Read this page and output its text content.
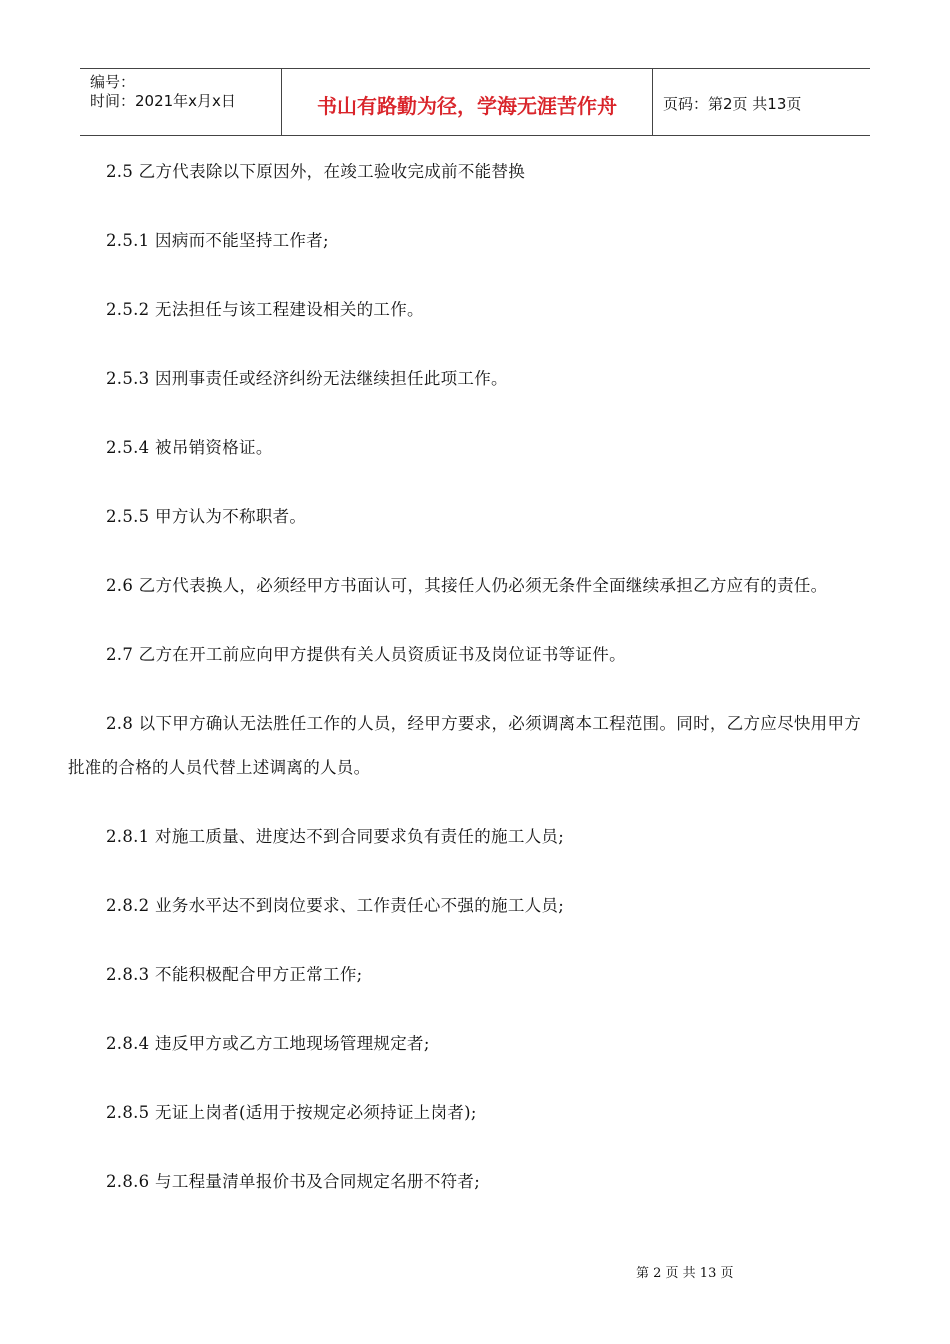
编号：
时间：2021年x月x日	书山有路勤为径，学海无涯苦作舟	页码：第2页 共13页

2.5 乙方代表除以下原因外，在竣工验收完成前不能替换

2.5.1 因病而不能坚持工作者;

2.5.2 无法担任与该工程建设相关的工作。

2.5.3 因刑事责任或经济纠纷无法继续担任此项工作。

2.5.4 被吊销资格证。

2.5.5 甲方认为不称职者。

2.6 乙方代表换人，必须经甲方书面认可，其接任人仍必须无条件全面继续承担乙方应有的责任。

2.7 乙方在开工前应向甲方提供有关人员资质证书及岗位证书等证件。

2.8 以下甲方确认无法胜任工作的人员，经甲方要求，必须调离本工程范围。同时，乙方应尽快用甲方批准的合格的人员代替上述调离的人员。

2.8.1 对施工质量、进度达不到合同要求负有责任的施工人员;

2.8.2 业务水平达不到岗位要求、工作责任心不强的施工人员;

2.8.3 不能积极配合甲方正常工作;

2.8.4 违反甲方或乙方工地现场管理规定者;

2.8.5 无证上岗者(适用于按规定必须持证上岗者);

2.8.6 与工程量清单报价书及合同规定名册不符者;

第 2 页 共 13 页
